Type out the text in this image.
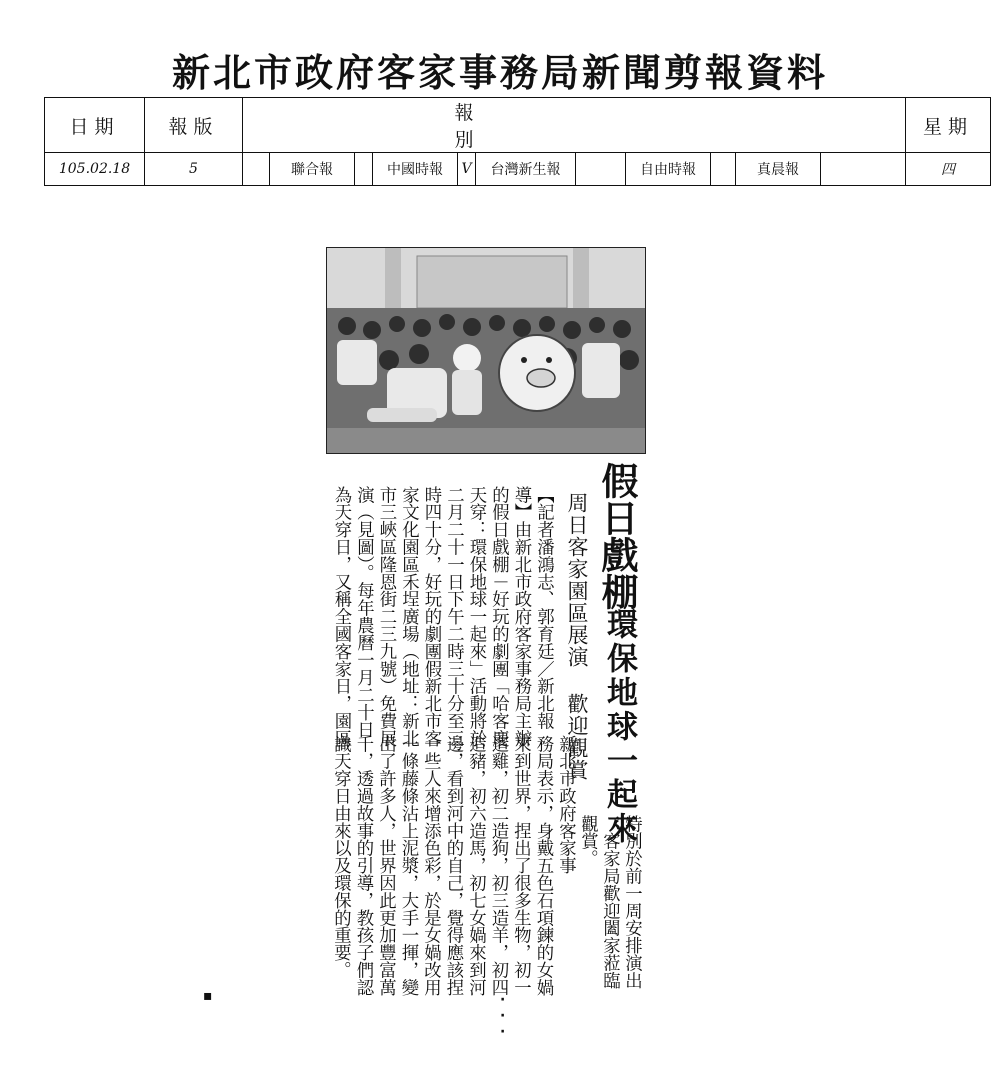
新北市政府客家事務局新聞剪報資料
日期	報版	報 別											星期
105.02.18	5		聯合報		中國時報	V	台灣新生報		自由時報		真晨報		四
假日戲棚
環保地球一起來
周日客家園區展演 歡迎觀賞
【記者潘鴻志、郭育廷／新北報
導】由新北市政府客家事務局主辦
的假日戲棚－好玩的劇團「哈客慶
天穿：環保地球一起來」活動將於
二月二十一日下午二時三十分至三
時四十分，好玩的劇團假新北市客
家文化園區禾埕廣場（地址：新北
市三峽區隆恩街二三九號）免費展
演（見圖）。每年農曆一月二十日
為天穿日，又稱全國客家日，園區
特別於前一周安排演出
，客家局歡迎闔家蒞臨
觀賞。
新北市政府客家事
務局表示，
來到世界，
造雞，初二造狗，初三造羊，初四
造豬，初六造馬，初七女媧來到河
邊，看到河中的自己，覺得應該捏
一些人來增添色彩，於是女媧改用
一條藤條沾上泥漿，大手一揮，變
出了許多人，世界因此更加豐富萬
千，透過故事的引導，教孩子們認
識天穿日由來以及環保的重要。	身戴五色石項鍊的女媧
捏出了很多生物，初一
▪	· · ·
